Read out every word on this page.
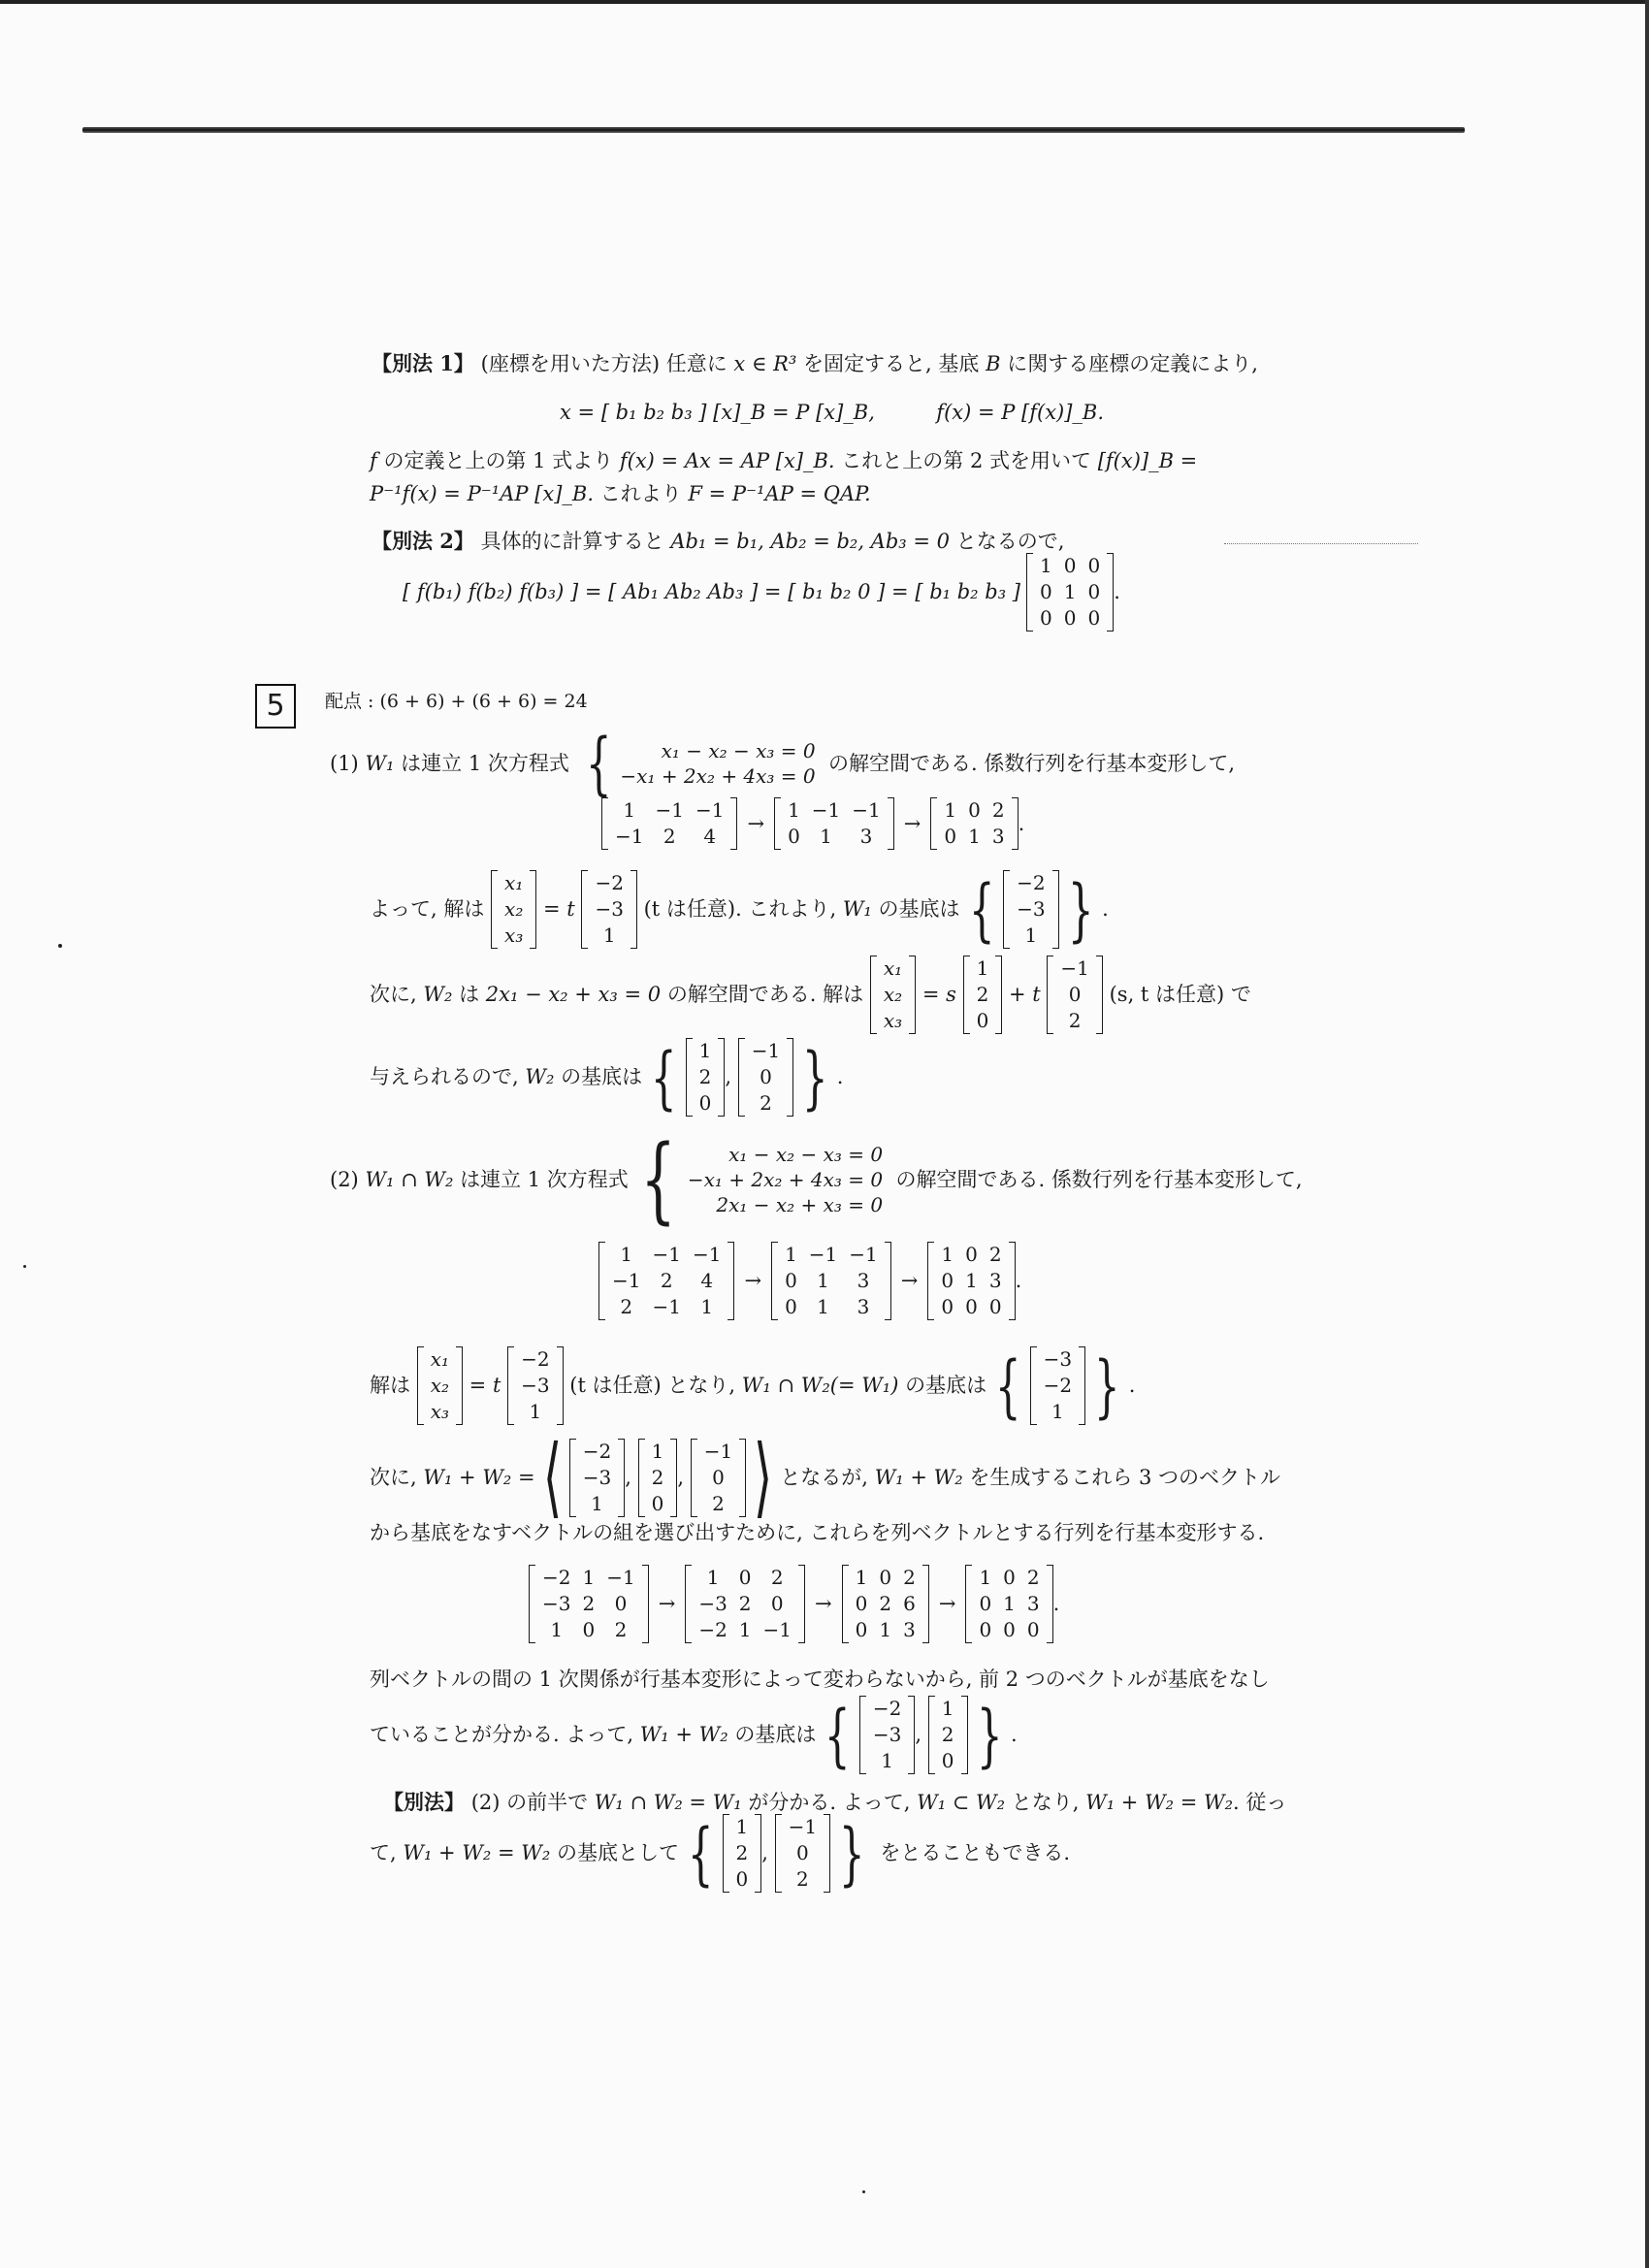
【別法 1】 (座標を用いた方法) 任意に x ∈ R³ を固定すると, 基底 B に関する座標の定義により,
x = [ b₁ b₂ b₃ ] [x]_B = P [x]_B,	f(x) = P [f(x)]_B.
f の定義と上の第 1 式より f(x) = Ax = AP [x]_B. これと上の第 2 式を用いて [f(x)]_B =
P⁻¹f(x) = P⁻¹AP [x]_B. これより F = P⁻¹AP = QAP.
【別法 2】 具体的に計算すると Ab₁ = b₁, Ab₂ = b₂, Ab₃ = 0 となるので,
[ f(b₁) f(b₂) f(b₃) ] = [ Ab₁ Ab₂ Ab₃ ] = [ b₁ b₂ 0 ] = [ b₁ b₂ b₃ ]
1	0	0
0	1	0
0	0	0
.
5	配点 : (6 + 6) + (6 + 6) = 24
(1)
W₁
は連立 1 次方程式 {	x₁ − x₂ − x₃ = 0
−x₁ + 2x₂ + 4x₃ = 0

の解空間である. 係数行列を行基本変形して,
1	−1	−1
−1	2	4
→
1	−1	−1
0	1	3
→
1	0	2
0	1	3
.
よって, 解は

x₁
x₂
x₃

= t

−2
−3
1

(t は任意). これより,
W₁
の基底は { −2
−3
1 } .
次に,
W₂
は
2x₁ − x₂ + x₃ = 0
の解空間である. 解は

x₁
x₂
x₃

= s

1
2
0

+ t

−1
0
2

(s, t は任意) で
与えられるので,
W₂
の基底は { 1
2
0
,

−1
0
2 } .
(2)
W₁ ∩ W₂
は連立 1 次方程式 {	x₁ − x₂ − x₃ = 0
−x₁ + 2x₂ + 4x₃ = 0
2x₁ − x₂ + x₃ = 0

の解空間である. 係数行列を行基本変形して,
1	−1	−1
−1	2	4
2	−1	1
→
1	−1	−1
0	1	3
0	1	3
→
1	0	2
0	1	3
0	0	0
.
解は

x₁
x₂
x₃

= t

−2
−3
1

(t は任意) となり,
W₁ ∩ W₂(= W₁)
の基底は { −3
−2
1 } .
次に,
W₁ + W₂ = ⟨ −2
−3
1
,

1
2
0
,

−1
0
2 ⟩ となるが,
W₁ + W₂
を生成するこれら 3 つのベクトル
から基底をなすベクトルの組を選び出すために, これらを列ベクトルとする行列を行基本変形する.
−2	1	−1
−3	2	0
1	0	2
→
1	0	2
−3	2	0
−2	1	−1
→
1	0	2
0	2	6
0	1	3
→
1	0	2
0	1	3
0	0	0
.
列ベクトルの間の 1 次関係が行基本変形によって変わらないから, 前 2 つのベクトルが基底をなし
ていることが分かる. よって,
W₁ + W₂
の基底は { −2
−3
1
,

1
2
0 } .
【別法】 (2) の前半で W₁ ∩ W₂ = W₁ が分かる. よって, W₁ ⊂ W₂ となり, W₁ + W₂ = W₂. 従っ
て,
W₁ + W₂ = W₂
の基底として { 1
2
0
,

−1
0
2 }
をとることもできる.
